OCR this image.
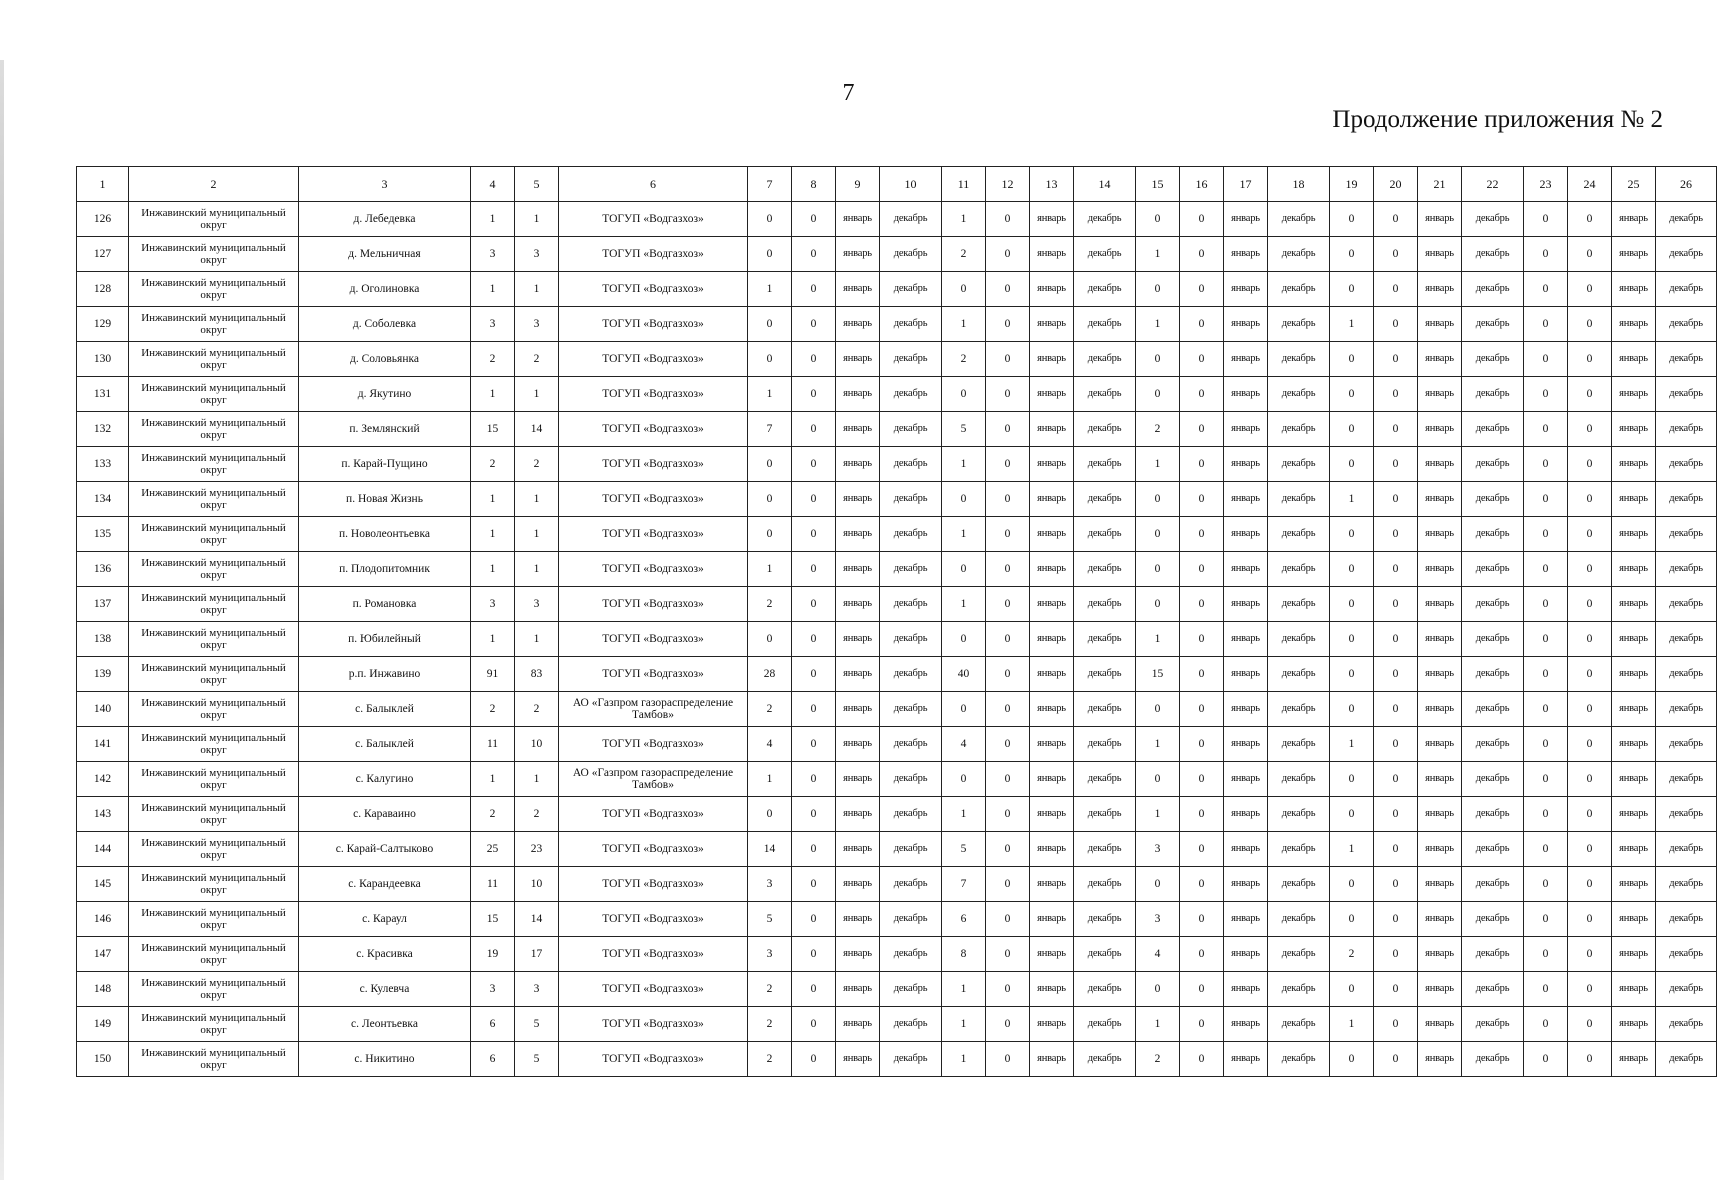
7
Продолжение приложения № 2
1	2	3	4	5	6	7	8	9	10	11	12	13	14	15	16	17	18	19	20	21	22	23	24	25	26
126	Инжавинский муниципальный округ	д. Лебедевка	1	1	ТОГУП «Водгазхоз»	0	0	январь	декабрь	1	0	январь	декабрь	0	0	январь	декабрь	0	0	январь	декабрь	0	0	январь	декабрь
127	Инжавинский муниципальный округ	д. Мельничная	3	3	ТОГУП «Водгазхоз»	0	0	январь	декабрь	2	0	январь	декабрь	1	0	январь	декабрь	0	0	январь	декабрь	0	0	январь	декабрь
128	Инжавинский муниципальный округ	д. Оголиновка	1	1	ТОГУП «Водгазхоз»	1	0	январь	декабрь	0	0	январь	декабрь	0	0	январь	декабрь	0	0	январь	декабрь	0	0	январь	декабрь
129	Инжавинский муниципальный округ	д. Соболевка	3	3	ТОГУП «Водгазхоз»	0	0	январь	декабрь	1	0	январь	декабрь	1	0	январь	декабрь	1	0	январь	декабрь	0	0	январь	декабрь
130	Инжавинский муниципальный округ	д. Соловьянка	2	2	ТОГУП «Водгазхоз»	0	0	январь	декабрь	2	0	январь	декабрь	0	0	январь	декабрь	0	0	январь	декабрь	0	0	январь	декабрь
131	Инжавинский муниципальный округ	д. Якутино	1	1	ТОГУП «Водгазхоз»	1	0	январь	декабрь	0	0	январь	декабрь	0	0	январь	декабрь	0	0	январь	декабрь	0	0	январь	декабрь
132	Инжавинский муниципальный округ	п. Землянский	15	14	ТОГУП «Водгазхоз»	7	0	январь	декабрь	5	0	январь	декабрь	2	0	январь	декабрь	0	0	январь	декабрь	0	0	январь	декабрь
133	Инжавинский муниципальный округ	п. Карай-Пущино	2	2	ТОГУП «Водгазхоз»	0	0	январь	декабрь	1	0	январь	декабрь	1	0	январь	декабрь	0	0	январь	декабрь	0	0	январь	декабрь
134	Инжавинский муниципальный округ	п. Новая Жизнь	1	1	ТОГУП «Водгазхоз»	0	0	январь	декабрь	0	0	январь	декабрь	0	0	январь	декабрь	1	0	январь	декабрь	0	0	январь	декабрь
135	Инжавинский муниципальный округ	п. Новолеонтьевка	1	1	ТОГУП «Водгазхоз»	0	0	январь	декабрь	1	0	январь	декабрь	0	0	январь	декабрь	0	0	январь	декабрь	0	0	январь	декабрь
136	Инжавинский муниципальный округ	п. Плодопитомник	1	1	ТОГУП «Водгазхоз»	1	0	январь	декабрь	0	0	январь	декабрь	0	0	январь	декабрь	0	0	январь	декабрь	0	0	январь	декабрь
137	Инжавинский муниципальный округ	п. Романовка	3	3	ТОГУП «Водгазхоз»	2	0	январь	декабрь	1	0	январь	декабрь	0	0	январь	декабрь	0	0	январь	декабрь	0	0	январь	декабрь
138	Инжавинский муниципальный округ	п. Юбилейный	1	1	ТОГУП «Водгазхоз»	0	0	январь	декабрь	0	0	январь	декабрь	1	0	январь	декабрь	0	0	январь	декабрь	0	0	январь	декабрь
139	Инжавинский муниципальный округ	р.п. Инжавино	91	83	ТОГУП «Водгазхоз»	28	0	январь	декабрь	40	0	январь	декабрь	15	0	январь	декабрь	0	0	январь	декабрь	0	0	январь	декабрь
140	Инжавинский муниципальный округ	с. Балыклей	2	2	АО «Газпром газораспределение Тамбов»	2	0	январь	декабрь	0	0	январь	декабрь	0	0	январь	декабрь	0	0	январь	декабрь	0	0	январь	декабрь
141	Инжавинский муниципальный округ	с. Балыклей	11	10	ТОГУП «Водгазхоз»	4	0	январь	декабрь	4	0	январь	декабрь	1	0	январь	декабрь	1	0	январь	декабрь	0	0	январь	декабрь
142	Инжавинский муниципальный округ	с. Калугино	1	1	АО «Газпром газораспределение Тамбов»	1	0	январь	декабрь	0	0	январь	декабрь	0	0	январь	декабрь	0	0	январь	декабрь	0	0	январь	декабрь
143	Инжавинский муниципальный округ	с. Караваино	2	2	ТОГУП «Водгазхоз»	0	0	январь	декабрь	1	0	январь	декабрь	1	0	январь	декабрь	0	0	январь	декабрь	0	0	январь	декабрь
144	Инжавинский муниципальный округ	с. Карай-Салтыково	25	23	ТОГУП «Водгазхоз»	14	0	январь	декабрь	5	0	январь	декабрь	3	0	январь	декабрь	1	0	январь	декабрь	0	0	январь	декабрь
145	Инжавинский муниципальный округ	с. Карандеевка	11	10	ТОГУП «Водгазхоз»	3	0	январь	декабрь	7	0	январь	декабрь	0	0	январь	декабрь	0	0	январь	декабрь	0	0	январь	декабрь
146	Инжавинский муниципальный округ	с. Караул	15	14	ТОГУП «Водгазхоз»	5	0	январь	декабрь	6	0	январь	декабрь	3	0	январь	декабрь	0	0	январь	декабрь	0	0	январь	декабрь
147	Инжавинский муниципальный округ	с. Красивка	19	17	ТОГУП «Водгазхоз»	3	0	январь	декабрь	8	0	январь	декабрь	4	0	январь	декабрь	2	0	январь	декабрь	0	0	январь	декабрь
148	Инжавинский муниципальный округ	с. Кулевча	3	3	ТОГУП «Водгазхоз»	2	0	январь	декабрь	1	0	январь	декабрь	0	0	январь	декабрь	0	0	январь	декабрь	0	0	январь	декабрь
149	Инжавинский муниципальный округ	с. Леонтьевка	6	5	ТОГУП «Водгазхоз»	2	0	январь	декабрь	1	0	январь	декабрь	1	0	январь	декабрь	1	0	январь	декабрь	0	0	январь	декабрь
150	Инжавинский муниципальный округ	с. Никитино	6	5	ТОГУП «Водгазхоз»	2	0	январь	декабрь	1	0	январь	декабрь	2	0	январь	декабрь	0	0	январь	декабрь	0	0	январь	декабрь
